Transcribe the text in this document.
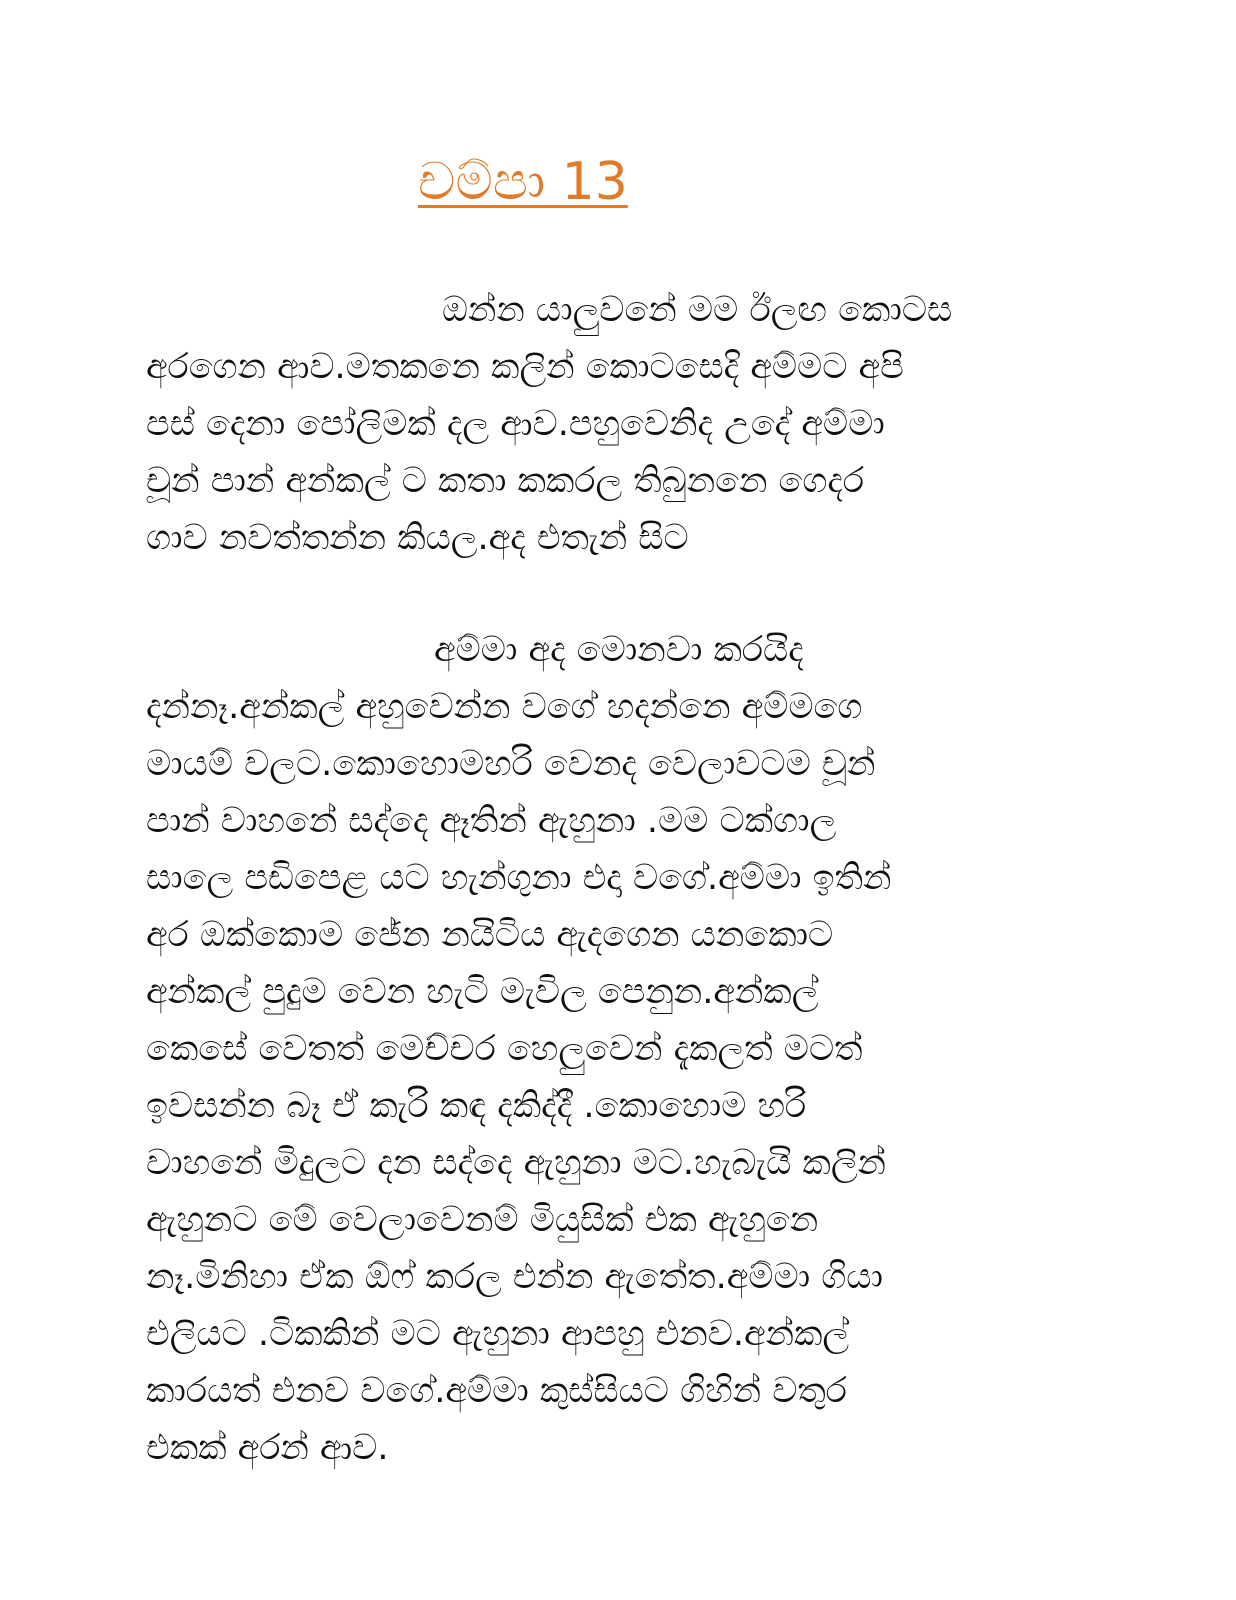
චම්පා 13
ඔන්න යාලුවනේ මම ඊලඟ කොටස
අරගෙන ආව.මතකනෙ කලින් කොටසෙදි අම්මට අපි
පස් දෙනා පෝලිමක් දල ආව.පහුවෙනිද උදේ අම්මා
චූන් පාන් අන්කල් ට කතා කකරල තිබුනනෙ ගෙදර
ගාව නවත්තන්න කියල.අද එතැන් සිට
අම්මා අද මොනවා කරයිද
දන්නෑ.අන්කල් අහුවෙන්න වගේ හදන්නෙ අම්මගෙ
මායම් වලට.කොහොමහරි වෙනද වෙලාවටම චූන්
පාන් වාහනේ සද්දෙ ඈතින් ඇහුනා .මම ටක්ගාල
සාලෙ පඩිපෙළ යට හැන්ගුනා එදා වගේ.අම්මා ඉතින්
අර ඔක්කොම ජේන නයිටිය ඇදගෙන යනකොට
අන්කල් පුදුම වෙන හැටි මැවිල පෙනුන.අන්කල්
කෙසේ වෙතත් මෙච්චර හෙලුවෙන් දැකලත් මටත්
ඉවසන්න බෑ ඒ කැරි කඳ දකිද්දී .කොහොම හරි
වාහනේ මිදුලට දන සද්දෙ ඇහුනා මට.හැබැයි කලින්
ඇහුනට මේ වෙලාවෙනම් මියුසික් එක ඇහුනෙ
නෑ.මිනිහා ඒක ඕෆ් කරල එන්න ඇතේත.අම්මා ගියා
එලියට .ටිකකින් මට ඇහුනා ආපහු එනව.අන්කල්
කාරයත් එනව වගේ.අම්මා කුස්සියට ගිහින් වතුර
එකක් අරන් ආව.
